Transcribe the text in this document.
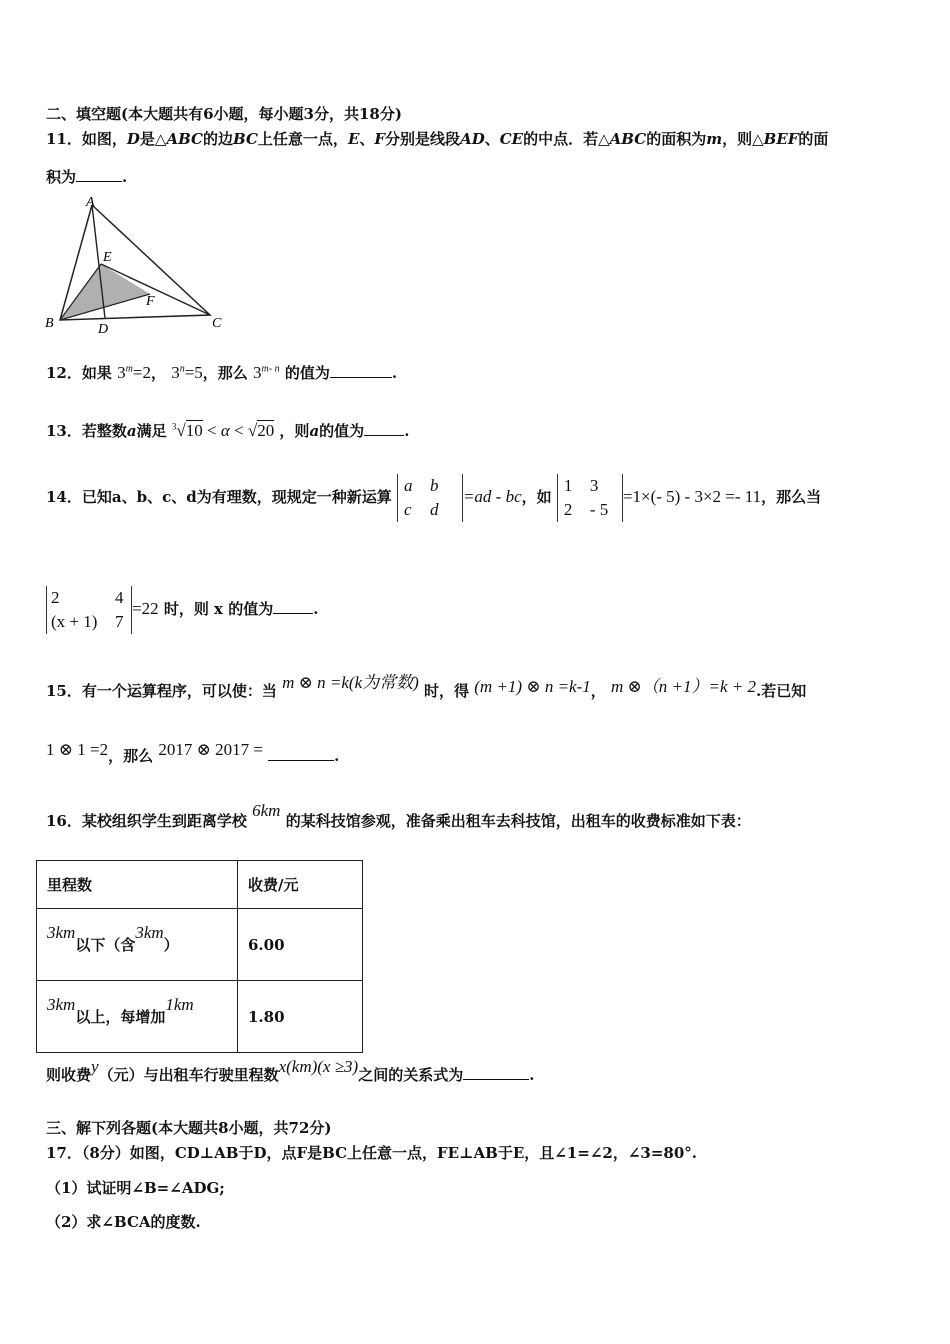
二、填空题(本大题共有6小题，每小题3分，共18分)
11．如图，D是△ABC的边BC上任意一点，E、F分别是线段AD、CE的中点．若△ABC的面积为m，则△BEF的面
积为	.
A
E
F
B	D	C
12．如果 $3^m=2$， $3^n=5$，那么 3$^{m- n}$ 的值为	.
13．若整数a满足 $^3$√10 < α < √20 ，则a的值为	.
14．已知a、b、c、d为有理数，现规定一种新运算 a b
c d=ad - bc，如 1 3
2 - 5=1×(- 5) - 3×2 =- 11，那么当
2	4
(x + 1) 7=22 时，则 x 的值为	.
15．有一个运算程序，可以使：当 m ⊗ n =k(k为常数) 时，得 (m +1) ⊗ n =k-1， m ⊗（n +1）=k + 2.若已知
1 ⊗ 1 =2，那么 2017 ⊗ 2017 =	.
16．某校组织学生到距离学校 6km 的某科技馆参观，准备乘出租车去科技馆，出租车的收费标准如下表：
里程数	收费/元
3km以下（含3km）	6.00
3km以上，每增加1km	1.80
则收费y（元）与出租车行驶里程数x(km)(x ≥3)之间的关系式为	.
三、解下列各题(本大题共8小题，共72分)
17．（8分）如图，CD⊥AB于D，点F是BC上任意一点，FE⊥AB于E，且∠1=∠2，∠3=80°.
（1）试证明∠B=∠ADG;
（2）求∠BCA的度数.
